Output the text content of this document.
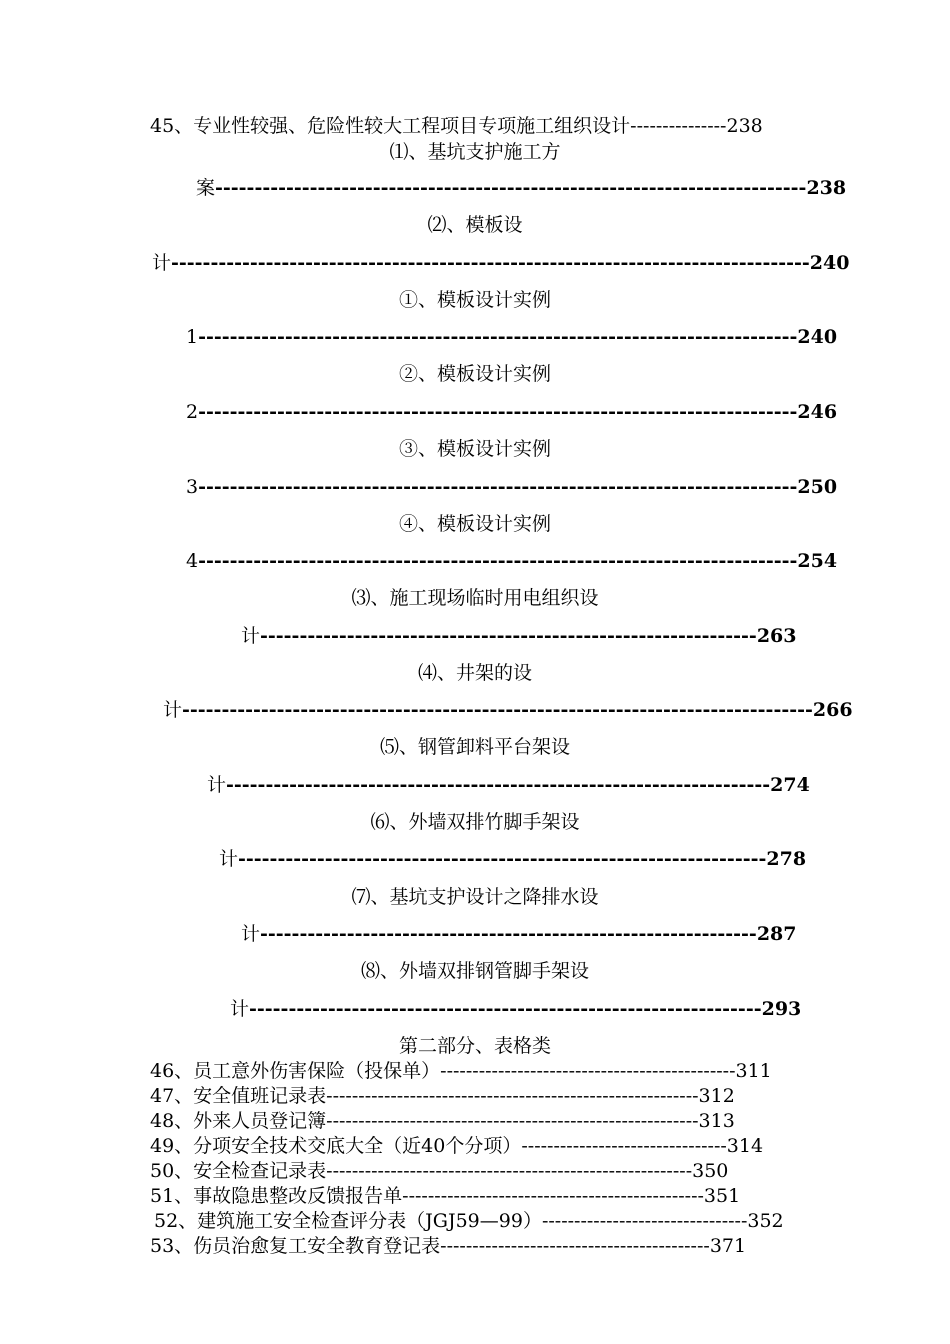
45、专业性较强、危险性较大工程项目专项施工组织设计---------------238
⑴、基坑支护施工方
案---------------------------------------------------------------------------238
⑵、模板设
计---------------------------------------------------------------------------------240
①、模板设计实例
1----------------------------------------------------------------------------240
②、模板设计实例
2----------------------------------------------------------------------------246
③、模板设计实例
3----------------------------------------------------------------------------250
④、模板设计实例
4----------------------------------------------------------------------------254
⑶、施工现场临时用电组织设
计---------------------------------------------------------------263
⑷、井架的设
计--------------------------------------------------------------------------------266
⑸、钢管卸料平台架设
计---------------------------------------------------------------------274
⑹、外墙双排竹脚手架设
计-------------------------------------------------------------------278
⑺、基坑支护设计之降排水设
计---------------------------------------------------------------287
⑻、外墙双排钢管脚手架设
计-----------------------------------------------------------------293
第二部分、表格类
46、员工意外伤害保险（投保单）----------------------------------------------311
47、安全值班记录表----------------------------------------------------------312
48、外来人员登记簿----------------------------------------------------------313
49、分项安全技术交底大全（近40个分项）--------------------------------314
50、安全检查记录表---------------------------------------------------------350
51、事故隐患整改反馈报告单-----------------------------------------------351
52、建筑施工安全检查评分表（JGJ59—99）--------------------------------352
53、伤员治愈复工安全教育登记表------------------------------------------371
